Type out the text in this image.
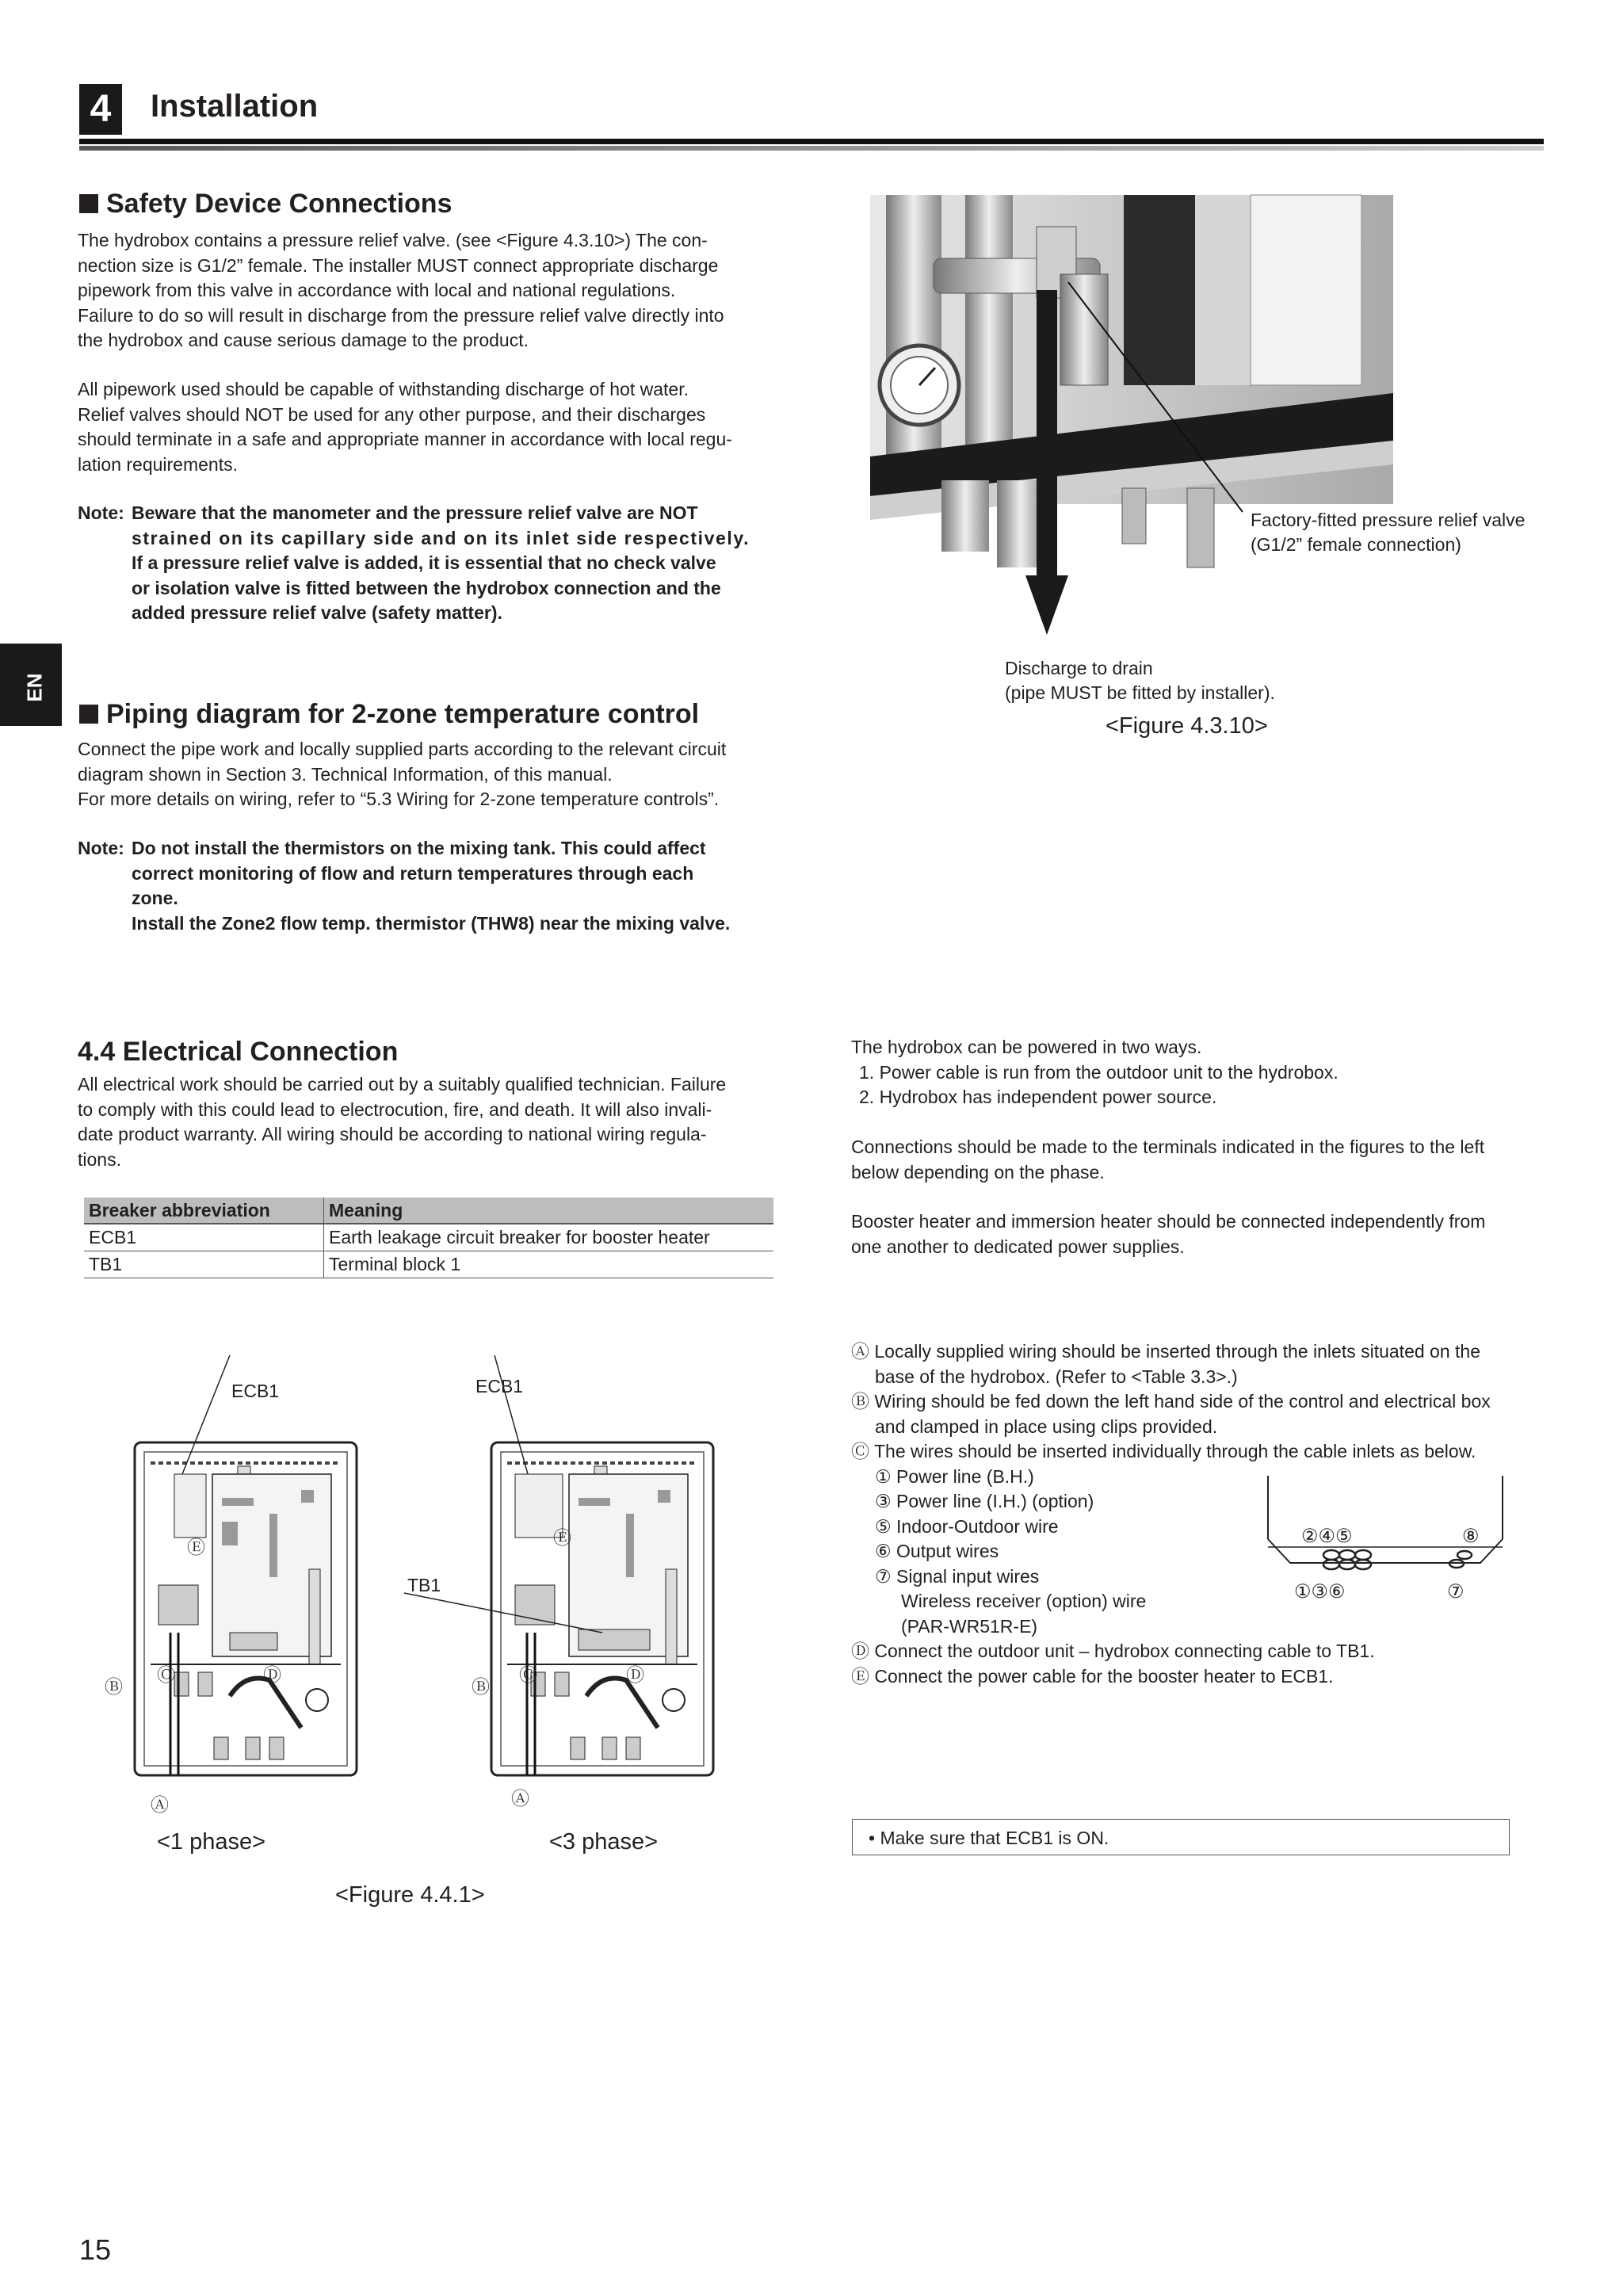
4	Installation
EN
Safety Device Connections
The hydrobox contains a pressure relief valve. (see <Figure 4.3.10>) The con-
nection size is G1/2” female. The installer MUST connect appropriate discharge
pipework from this valve in accordance with local and national regulations.
Failure to do so will result in discharge from the pressure relief valve directly into
the hydrobox and cause serious damage to the product.
All pipework used should be capable of withstanding discharge of hot water.
Relief valves should NOT be used for any other purpose, and their discharges
should terminate in a safe and appropriate manner in accordance with local regu-
lation requirements.
Note: Beware that the manometer and the pressure relief valve are NOT
strained on its capillary side and on its inlet side respectively.
If a pressure relief valve is added, it is essential that no check valve
or isolation valve is fitted between the hydrobox connection and the
added pressure relief valve (safety matter).
Factory-fitted pressure relief valve
(G1/2” female connection)
Discharge to drain
(pipe MUST be fitted by installer).
<Figure 4.3.10>
Piping diagram for 2-zone temperature control
Connect the pipe work and locally supplied parts according to the relevant circuit
diagram shown in Section 3. Technical Information, of this manual.
For more details on wiring, refer to “5.3 Wiring for 2-zone temperature controls”.
Note: Do not install the thermistors on the mixing tank. This could affect
correct monitoring of flow and return temperatures through each
zone.
Install the Zone2 flow temp. thermistor (THW8) near the mixing valve.
4.4 Electrical Connection
All electrical work should be carried out by a suitably qualified technician. Failure
to comply with this could lead to electrocution, fire, and death. It will also invali-
date product warranty. All wiring should be according to national wiring regula-
tions.
Breaker abbreviation	Meaning
ECB1	Earth leakage circuit breaker for booster heater
TB1	Terminal block 1
The hydrobox can be powered in two ways.
1. Power cable is run from the outdoor unit to the hydrobox.
2. Hydrobox has independent power source.
Connections should be made to the terminals indicated in the figures to the left
below depending on the phase.
Booster heater and immersion heater should be connected independently from
one another to dedicated power supplies.
ECB1	ECB1
TB1
Ⓑ
Ⓒ	Ⓓ
Ⓔ
Ⓐ
Ⓑ
Ⓒ	Ⓓ
Ⓔ
Ⓐ
<1 phase>	<3 phase>
<Figure 4.4.1>
Ⓐ Locally supplied wiring should be inserted through the inlets situated on the
base of the hydrobox. (Refer to <Table 3.3>.)
Ⓑ Wiring should be fed down the left hand side of the control and electrical box
and clamped in place using clips provided.
Ⓒ The wires should be inserted individually through the cable inlets as below.
① Power line (B.H.)
③ Power line (I.H.) (option)
⑤ Indoor-Outdoor wire
⑥ Output wires
⑦ Signal input wires
Wireless receiver (option) wire
(PAR-WR51R-E)
Ⓓ Connect the outdoor unit – hydrobox connecting cable to TB1.
Ⓔ Connect the power cable for the booster heater to ECB1.
②④⑤	⑧
①③⑥	⑦
• Make sure that ECB1 is ON.
15
